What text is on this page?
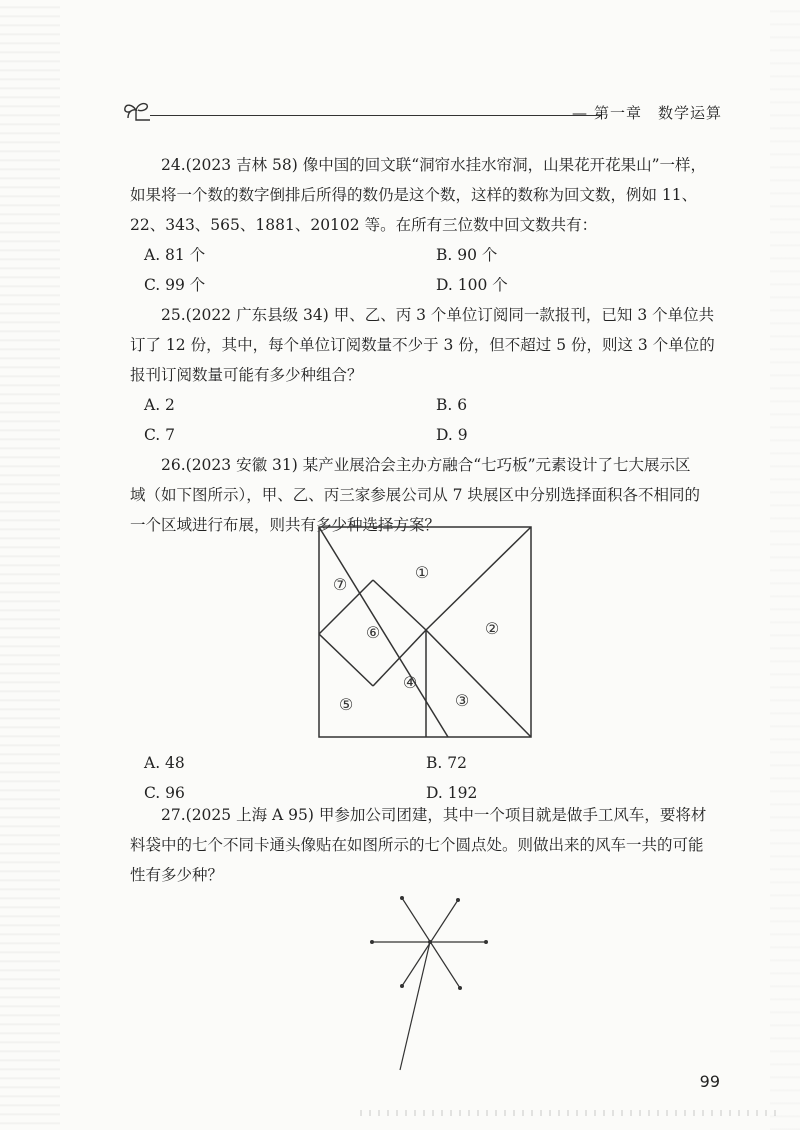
— 第一章　数学运算

24.(2023 吉林 58) 像中国的回文联“洞帘水挂水帘洞，山果花开花果山”一样，

如果将一个数的数字倒排后所得的数仍是这个数，这样的数称为回文数，例如 11、
22、343、565、1881、20102 等。在所有三位数中回文数共有：
A. 81 个	B. 90 个
C. 99 个	D. 100 个

25.(2022 广东县级 34) 甲、乙、丙 3 个单位订阅同一款报刊，已知 3 个单位共

订了 12 份，其中，每个单位订阅数量不少于 3 份，但不超过 5 份，则这 3 个单位的
报刊订阅数量可能有多少种组合？
A. 2	B. 6
C. 7	D. 9

26.(2023 安徽 31) 某产业展洽会主办方融合“七巧板”元素设计了七大展示区

域（如下图所示），甲、乙、丙三家参展公司从 7 块展区中分别选择面积各不相同的
一个区域进行布展，则共有多少种选择方案？
①
②
③
④
⑤
⑥
⑦
A. 48	B. 72
C. 96	D. 192

27.(2025 上海 A 95) 甲参加公司团建，其中一个项目就是做手工风车，要将材

料袋中的七个不同卡通头像贴在如图所示的七个圆点处。则做出来的风车一共的可能
性有多少种？
99
